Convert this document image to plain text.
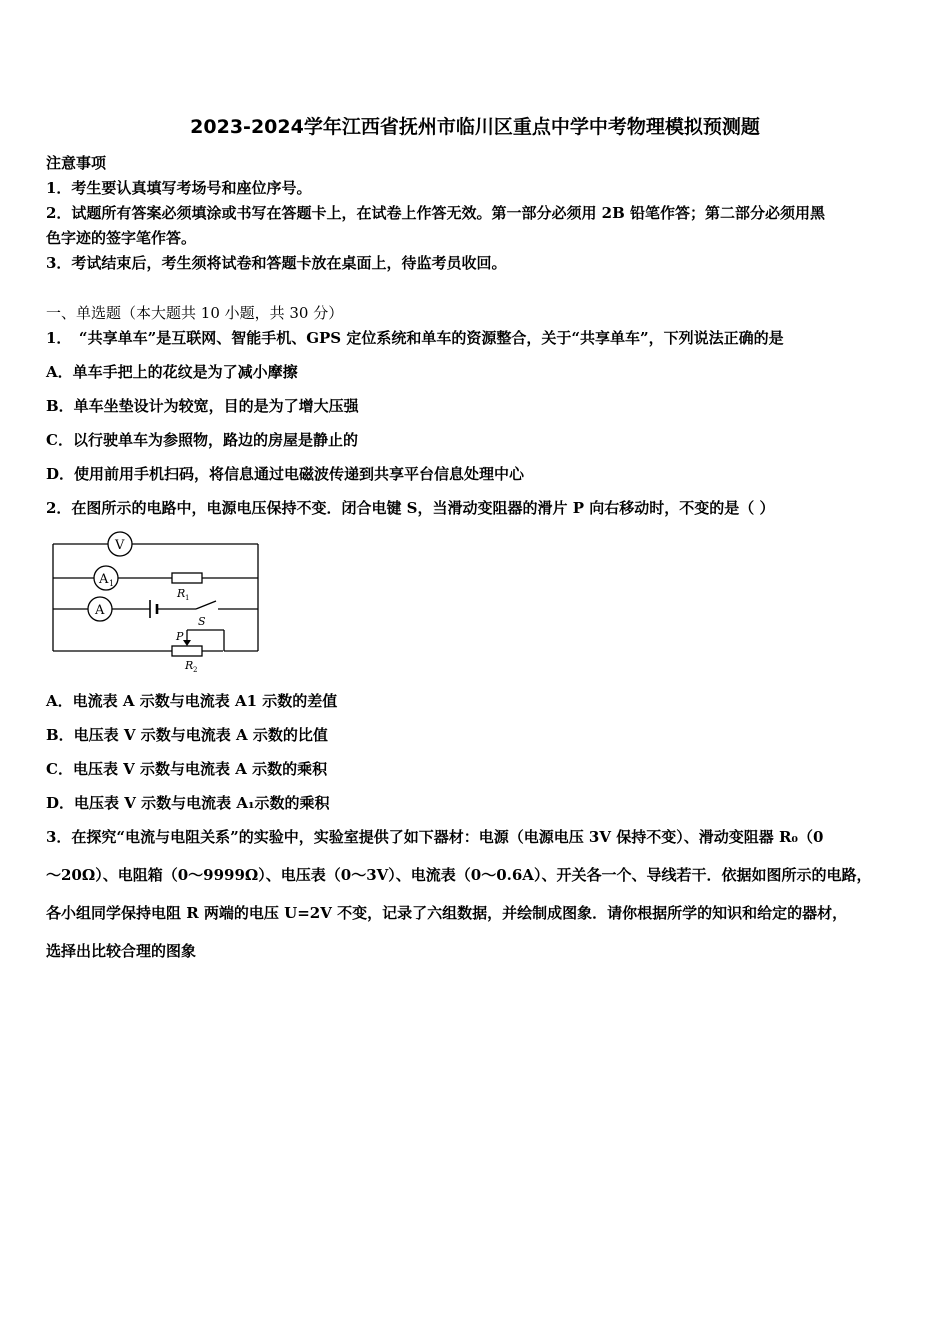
2023-2024学年江西省抚州市临川区重点中学中考物理模拟预测题
注意事项
1．考生要认真填写考场号和座位序号。
2．试题所有答案必须填涂或书写在答题卡上，在试卷上作答无效。第一部分必须用 2B 铅笔作答；第二部分必须用黑
色字迹的签字笔作答。
3．考试结束后，考生须将试卷和答题卡放在桌面上，待监考员收回。
一、单选题（本大题共 10 小题，共 30 分）
1．　“共享单车”是互联网、智能手机、GPS 定位系统和单车的资源整合，关于“共享单车”，下列说法正确的是
A．单车手把上的花纹是为了减小摩擦
B．单车坐垫设计为较宽，目的是为了增大压强
C．以行驶单车为参照物，路边的房屋是静止的
D．使用前用手机扫码，将信息通过电磁波传递到共享平台信息处理中心
2．在图所示的电路中，电源电压保持不变．闭合电键 S，当滑动变阻器的滑片 P 向右移动时，不变的是（ ）
V
A 1
A
R 1
S
P
R 2
A．电流表 A 示数与电流表 A1 示数的差值
B．电压表 V 示数与电流表 A 示数的比值
C．电压表 V 示数与电流表 A 示数的乘积
D．电压表 V 示数与电流表 A₁示数的乘积
3．在探究“电流与电阻关系”的实验中，实验室提供了如下器材：电源（电源电压 3V 保持不变）、滑动变阻器 R₀（0
～20Ω）、电阻箱（0～9999Ω）、电压表（0～3V）、电流表（0～0.6A）、开关各一个、导线若干．依据如图所示的电路，
各小组同学保持电阻 R 两端的电压 U=2V 不变，记录了六组数据，并绘制成图象．请你根据所学的知识和给定的器材，
选择出比较合理的图象
